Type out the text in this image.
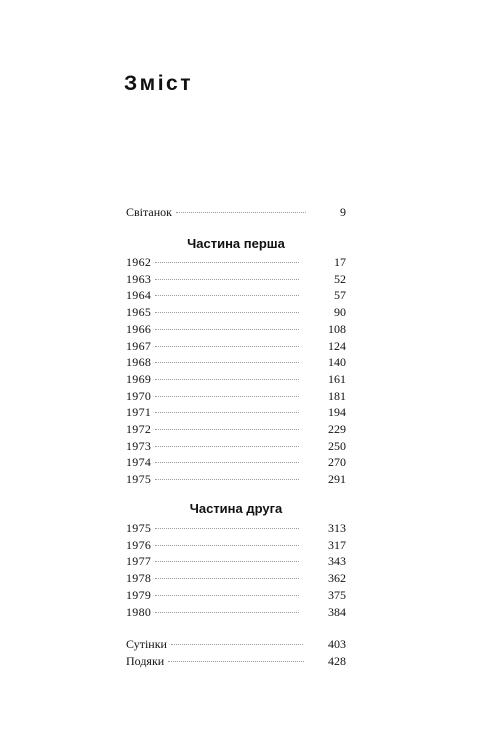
Зміст
Світанок	9
Частина перша
1962	17
1963	52
1964	57
1965	90
1966	108
1967	124
1968	140
1969	161
1970	181
1971	194
1972	229
1973	250
1974	270
1975	291
Частина друга
1975	313
1976	317
1977	343
1978	362
1979	375
1980	384
Сутінки	403
Подяки	428
